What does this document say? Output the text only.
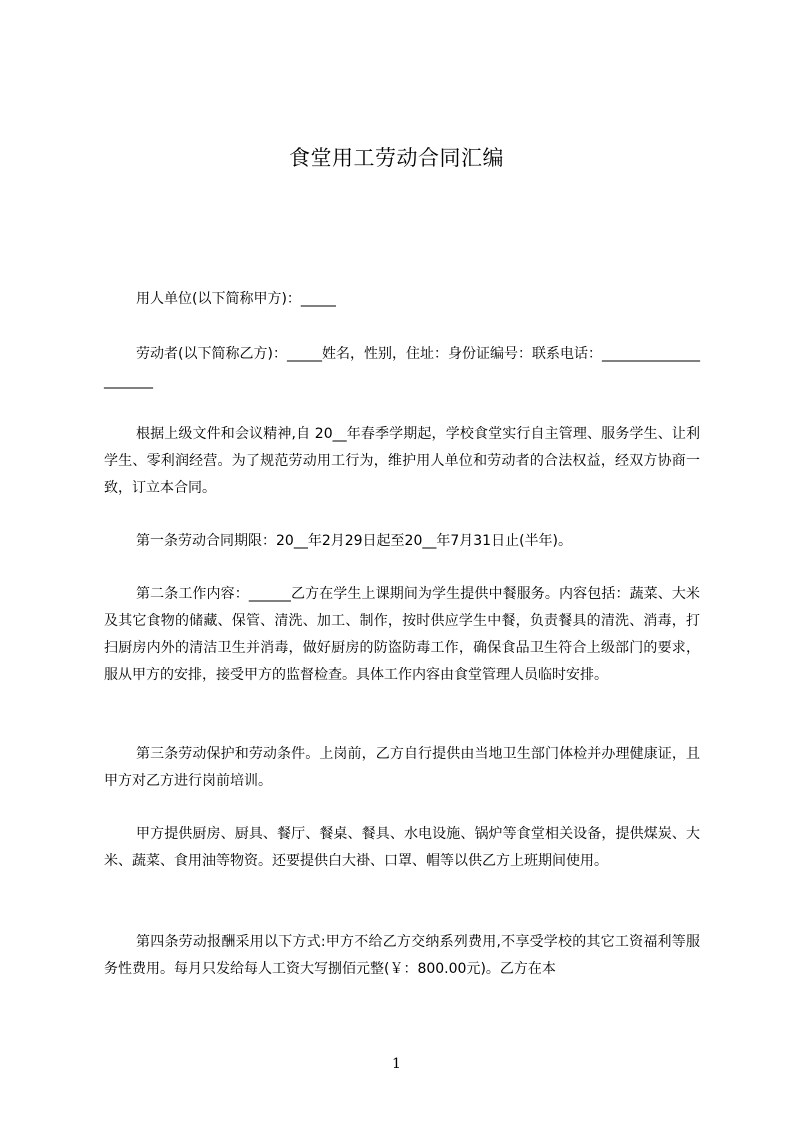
食堂用工劳动合同汇编

用人单位(以下简称甲方)：_____

劳动者(以下简称乙方)：_____姓名，性别，住址：身份证编号：联系电话：_____________________

根据上级文件和会议精神,自 20__年春季学期起，学校食堂实行自主管理、服务学生、让利学生、零利润经营。为了规范劳动用工行为，维护用人单位和劳动者的合法权益，经双方协商一致，订立本合同。

第一条劳动合同期限：20__年2月29日起至20__年7月31日止(半年)。

第二条工作内容：______乙方在学生上课期间为学生提供中餐服务。内容包括：蔬菜、大米及其它食物的储藏、保管、清洗、加工、制作，按时供应学生中餐，负责餐具的清洗、消毒，打扫厨房内外的清洁卫生并消毒，做好厨房的防盗防毒工作，确保食品卫生符合上级部门的要求，服从甲方的安排，接受甲方的监督检查。具体工作内容由食堂管理人员临时安排。

第三条劳动保护和劳动条件。上岗前，乙方自行提供由当地卫生部门体检并办理健康证，且甲方对乙方进行岗前培训。

甲方提供厨房、厨具、餐厅、餐桌、餐具、水电设施、锅炉等食堂相关设备，提供煤炭、大米、蔬菜、食用油等物资。还要提供白大褂、口罩、帽等以供乙方上班期间使用。

第四条劳动报酬采用以下方式:甲方不给乙方交纳系列费用,不享受学校的其它工资福利等服务性费用。每月只发给每人工资大写捌佰元整(￥：800.00元)。乙方在本

1
